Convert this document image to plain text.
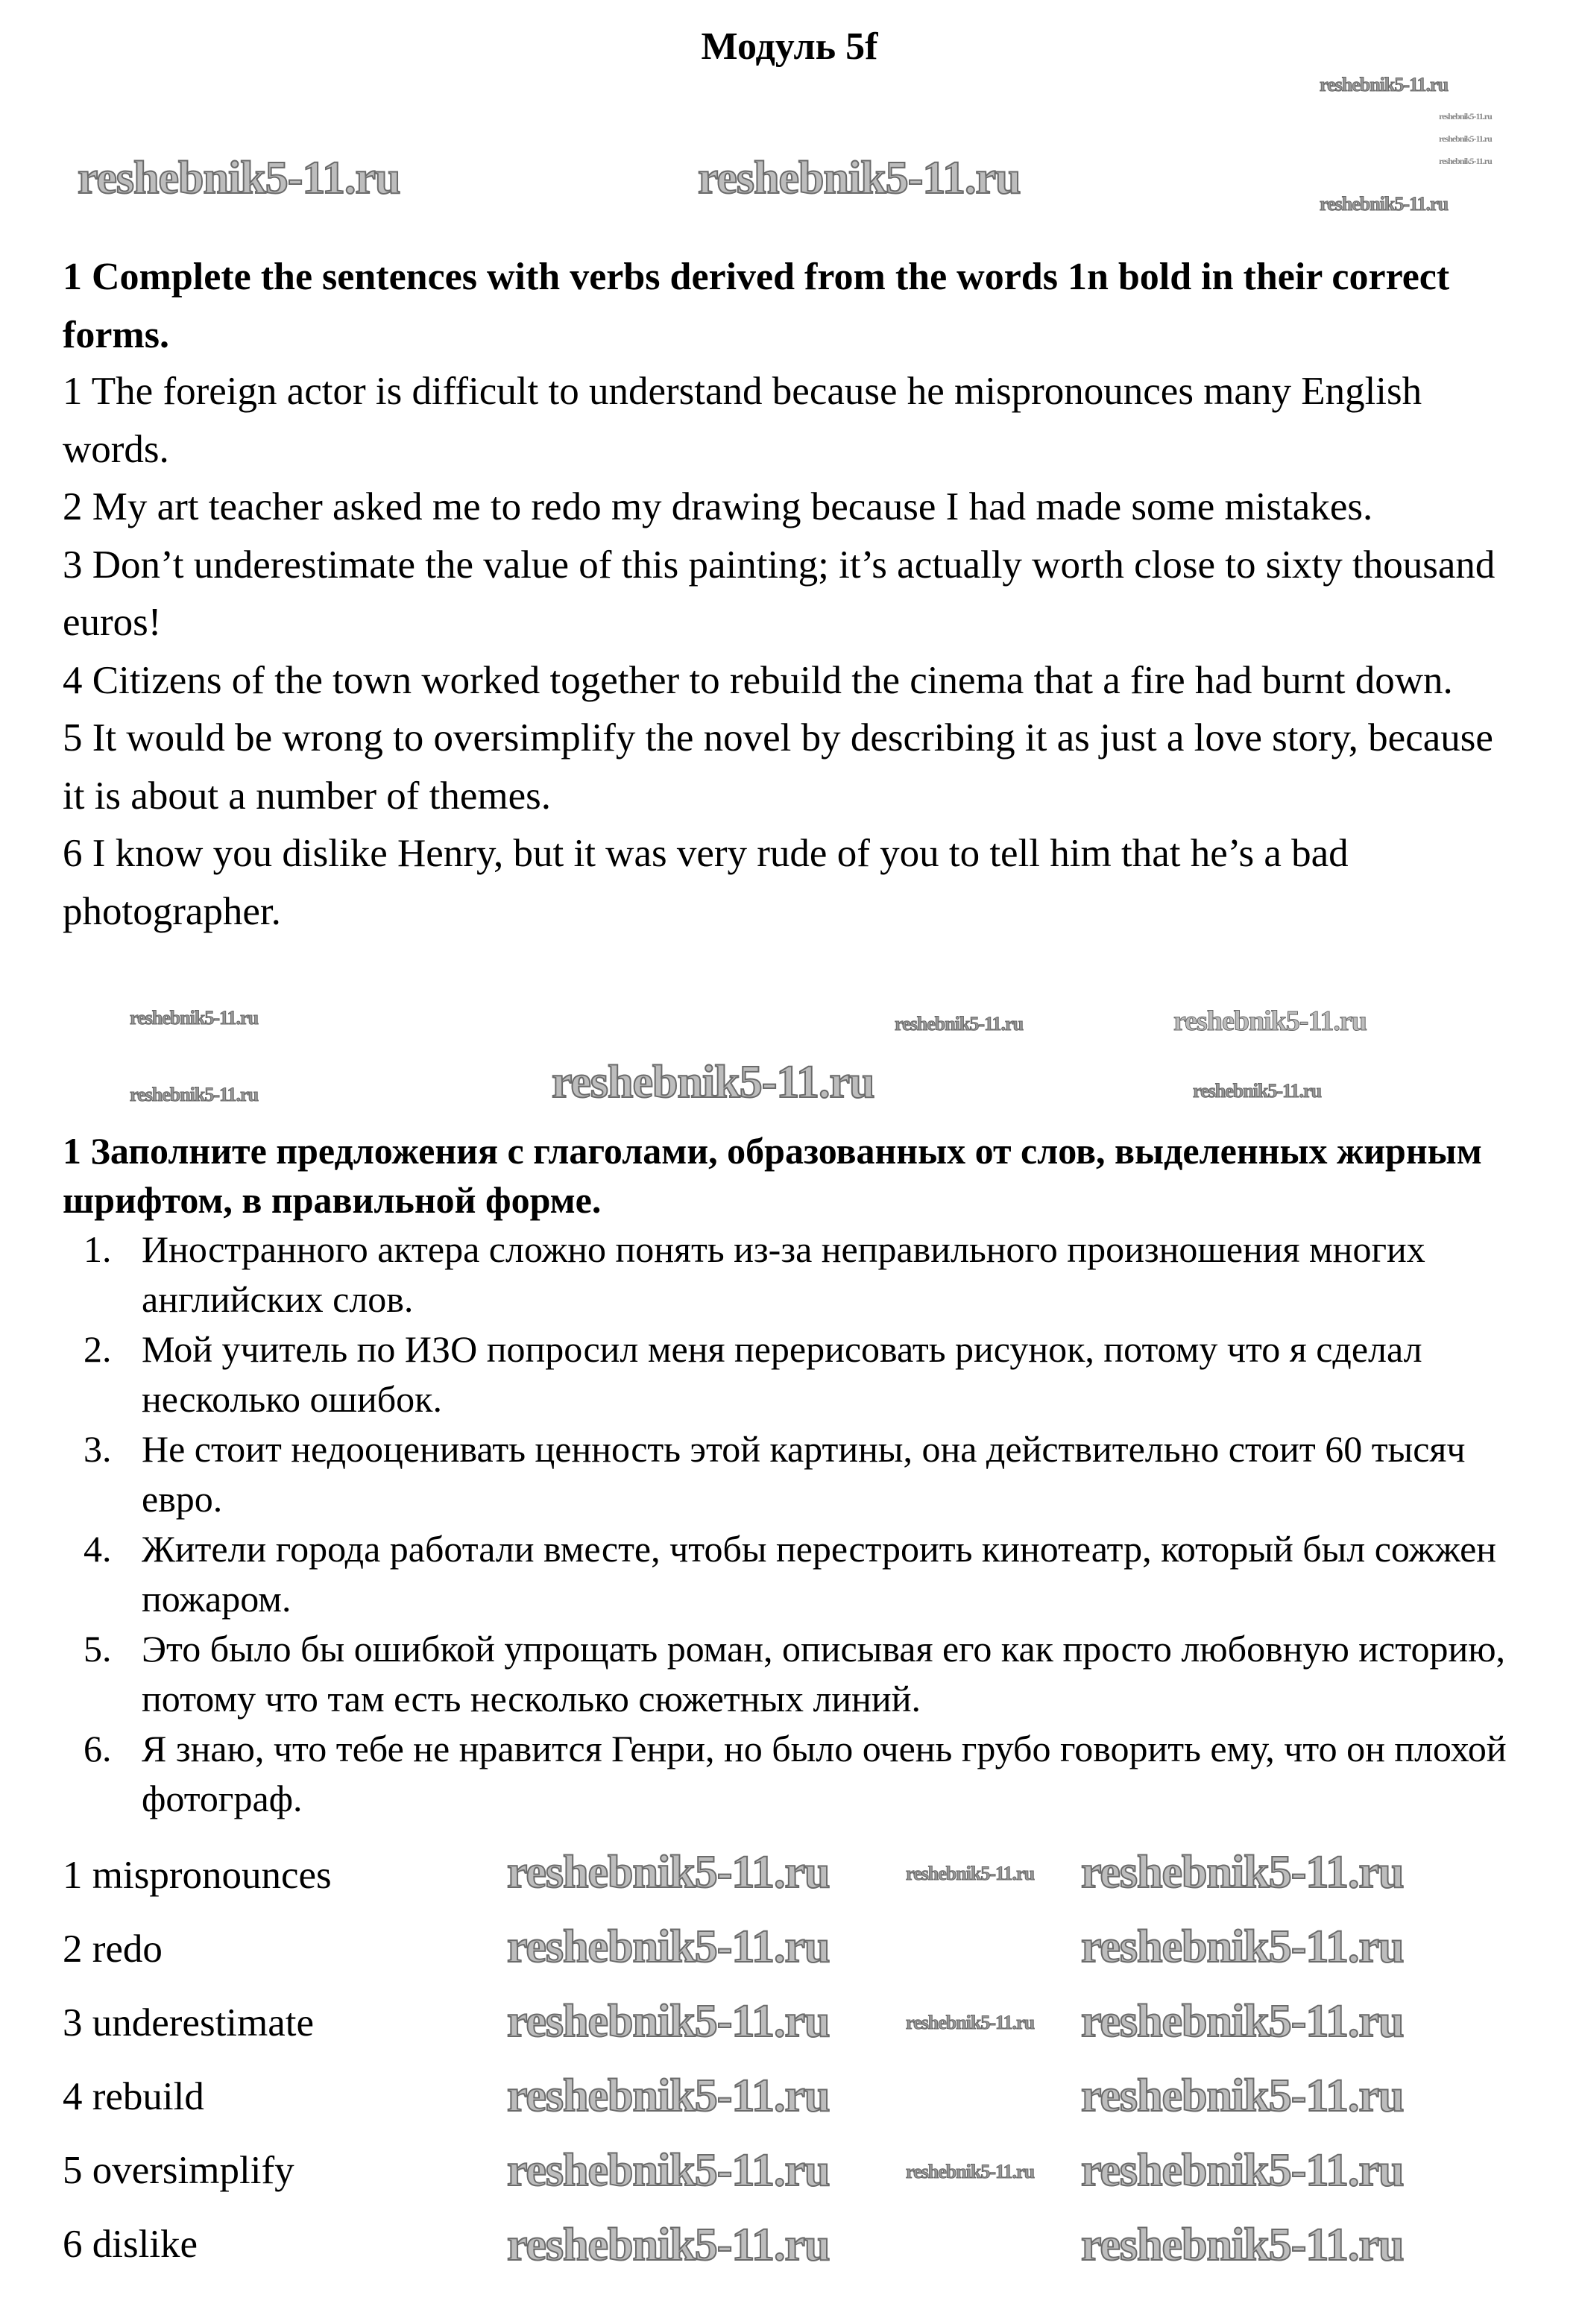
Модуль 5f
1 Complete the sentences with verbs derived from the words 1n bold in their correct forms.
1 The foreign actor is difficult to understand because he mispronounces many English words.
2 My art teacher asked me to redo my drawing because I had made some mistakes.
3 Don’t underestimate the value of this painting; it’s actually worth close to sixty thousand euros!
4 Citizens of the town worked together to rebuild the cinema that a fire had burnt down.
5 It would be wrong to oversimplify the novel by describing it as just a love story, because it is about a number of themes.
6 I know you dislike Henry, but it was very rude of you to tell him that he’s a bad photographer.
1 Заполните предложения с глаголами, образованных от слов, выделенных жирным шрифтом, в правильной форме.
1. Иностранного актера сложно понять из-за неправильного произношения многих английских слов.
2. Мой учитель по ИЗО попросил меня перерисовать рисунок, потому что я сделал несколько ошибок.
3. Не стоит недооценивать ценность этой картины, она действительно стоит 60 тысяч евро.
4. Жители города работали вместе, чтобы перестроить кинотеатр, который был сожжен пожаром.
5. Это было бы ошибкой упрощать роман, описывая его как просто любовную историю, потому что там есть несколько сюжетных линий.
6. Я знаю, что тебе не нравится Генри, но было очень грубо говорить ему, что он плохой фотограф.
1 mispronounces
2 redo
3 underestimate
4 rebuild
5 oversimplify
6 dislike
reshebnik5-11.ru
reshebnik5-11.ru
reshebnik5-11.ru
reshebnik5-11.ru
reshebnik5-11.ru	reshebnik5-11.ru
reshebnik5-11.ru
reshebnik5-11.ru	reshebnik5-11.ru
reshebnik5-11.ru
reshebnik5-11.ru
reshebnik5-11.ru	reshebnik5-11.ru
reshebnik5-11.ru	reshebnik5-11.ru
reshebnik5-11.ru
reshebnik5-11.ru	reshebnik5-11.ru
reshebnik5-11.ru	reshebnik5-11.ru
reshebnik5-11.ru
reshebnik5-11.ru	reshebnik5-11.ru
reshebnik5-11.ru	reshebnik5-11.ru
reshebnik5-11.ru
reshebnik5-11.ru	reshebnik5-11.ru
